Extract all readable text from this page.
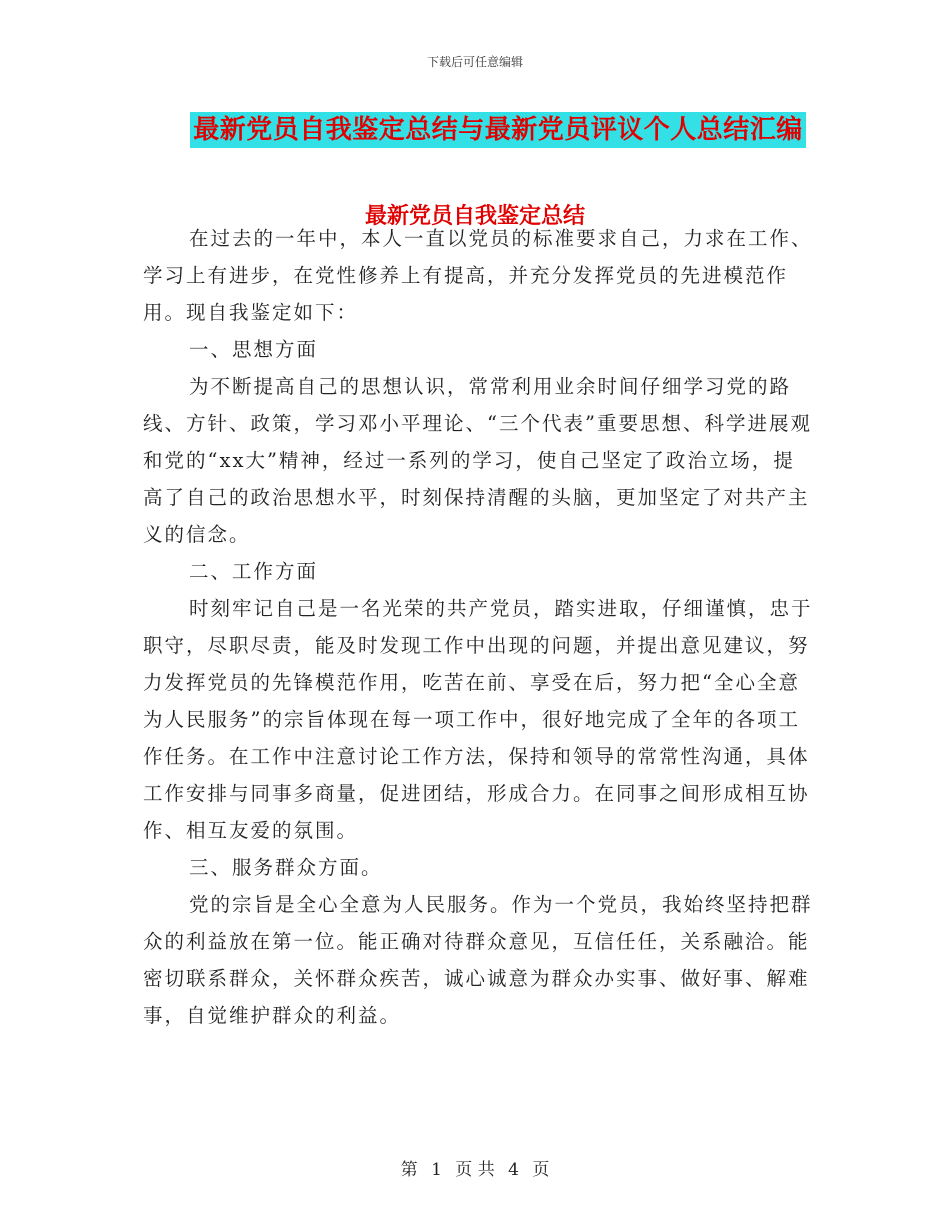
下载后可任意编辑
最新党员自我鉴定总结与最新党员评议个人总结汇编
最新党员自我鉴定总结

在过去的一年中，本人一直以党员的标准要求自己，力求在工作、学习上有进步，在党性修养上有提高，并充分发挥党员的先进模范作用。现自我鉴定如下：

一、思想方面

为不断提高自己的思想认识，常常利用业余时间仔细学习党的路线、方针、政策，学习邓小平理论、“三个代表”重要思想、科学进展观和党的“xx大”精神，经过一系列的学习，使自己坚定了政治立场，提高了自己的政治思想水平，时刻保持清醒的头脑，更加坚定了对共产主义的信念。

二、工作方面

时刻牢记自己是一名光荣的共产党员，踏实进取，仔细谨慎，忠于职守，尽职尽责，能及时发现工作中出现的问题，并提出意见建议，努力发挥党员的先锋模范作用，吃苦在前、享受在后，努力把“全心全意为人民服务”的宗旨体现在每一项工作中，很好地完成了全年的各项工作任务。在工作中注意讨论工作方法，保持和领导的常常性沟通，具体工作安排与同事多商量，促进团结，形成合力。在同事之间形成相互协作、相互友爱的氛围。

三、服务群众方面。

党的宗旨是全心全意为人民服务。作为一个党员，我始终坚持把群众的利益放在第一位。能正确对待群众意见，互信任任，关系融洽。能密切联系群众，关怀群众疾苦，诚心诚意为群众办实事、做好事、解难事，自觉维护群众的利益。

第 1 页 共 4 页
